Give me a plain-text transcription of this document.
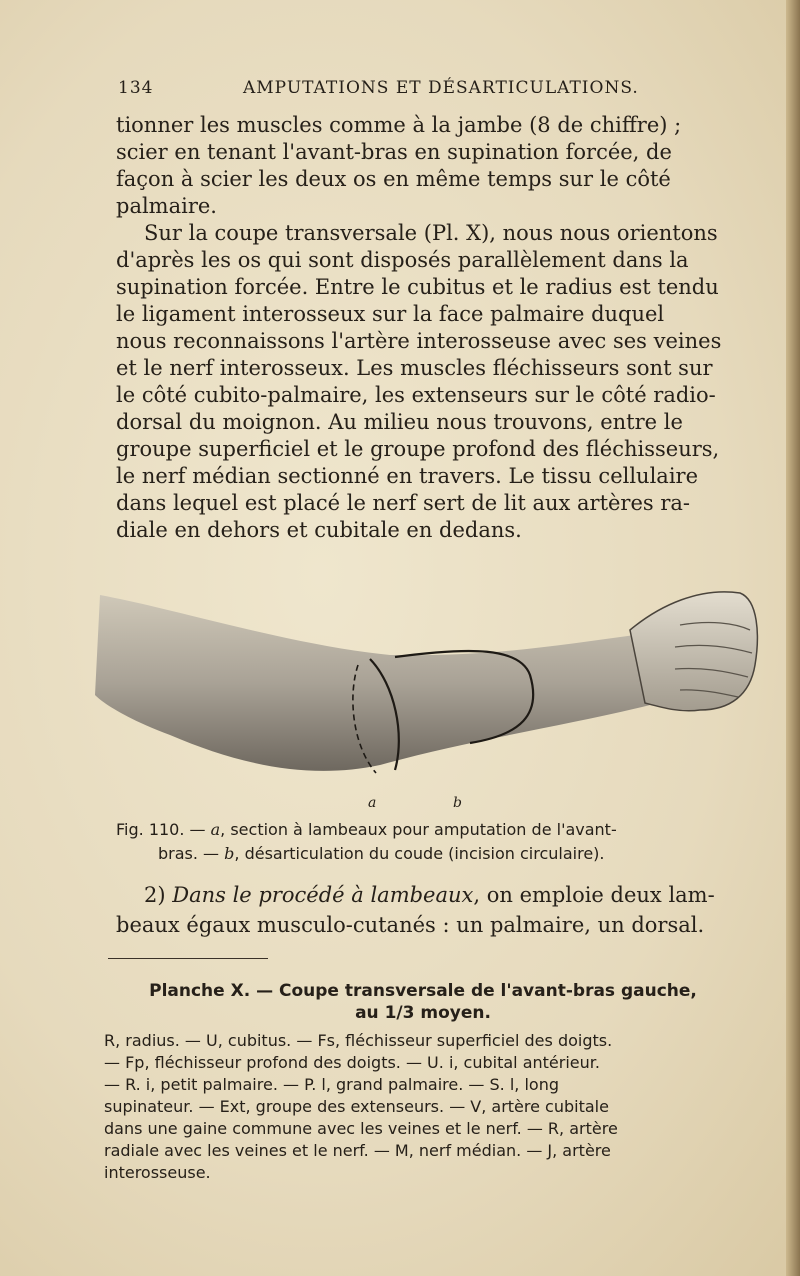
134	AMPUTATIONS ET DÉSARTICULATIONS.

tionner les muscles comme à la jambe (8 de chiffre) ;
scier en tenant l'avant-bras en supination forcée, de
façon à scier les deux os en même temps sur le côté
palmaire.

Sur la coupe transversale (Pl. X), nous nous orientons
d'après les os qui sont disposés parallèlement dans la
supination forcée. Entre le cubitus et le radius est tendu
le ligament interosseux sur la face palmaire duquel
nous reconnaissons l'artère interosseuse avec ses veines
et le nerf interosseux. Les muscles fléchisseurs sont sur
le côté cubito-palmaire, les extenseurs sur le côté radio-
dorsal du moignon. Au milieu nous trouvons, entre le
groupe superficiel et le groupe profond des fléchisseurs,
le nerf médian sectionné en travers. Le tissu cellulaire
dans lequel est placé le nerf sert de lit aux artères ra-
diale en dehors et cubitale en dedans.

a	b
Fig. 110. — a, section à lambeaux pour amputation de l'avant-
bras. — b, désarticulation du coude (incision circulaire).
2) Dans le procédé à lambeaux, on emploie deux lam-
beaux égaux musculo-cutanés : un palmaire, un dorsal.
Planche X. — Coupe transversale de l'avant-bras gauche,
au 1/3 moyen.
R, radius. — U, cubitus. — Fs, fléchisseur superficiel des doigts.
— Fp, fléchisseur profond des doigts. — U. i, cubital antérieur.
— R. i, petit palmaire. — P. l, grand palmaire. — S. l, long
supinateur. — Ext, groupe des extenseurs. — V, artère cubitale
dans une gaine commune avec les veines et le nerf. — R, artère
radiale avec les veines et le nerf. — M, nerf médian. — J, artère
interosseuse.
